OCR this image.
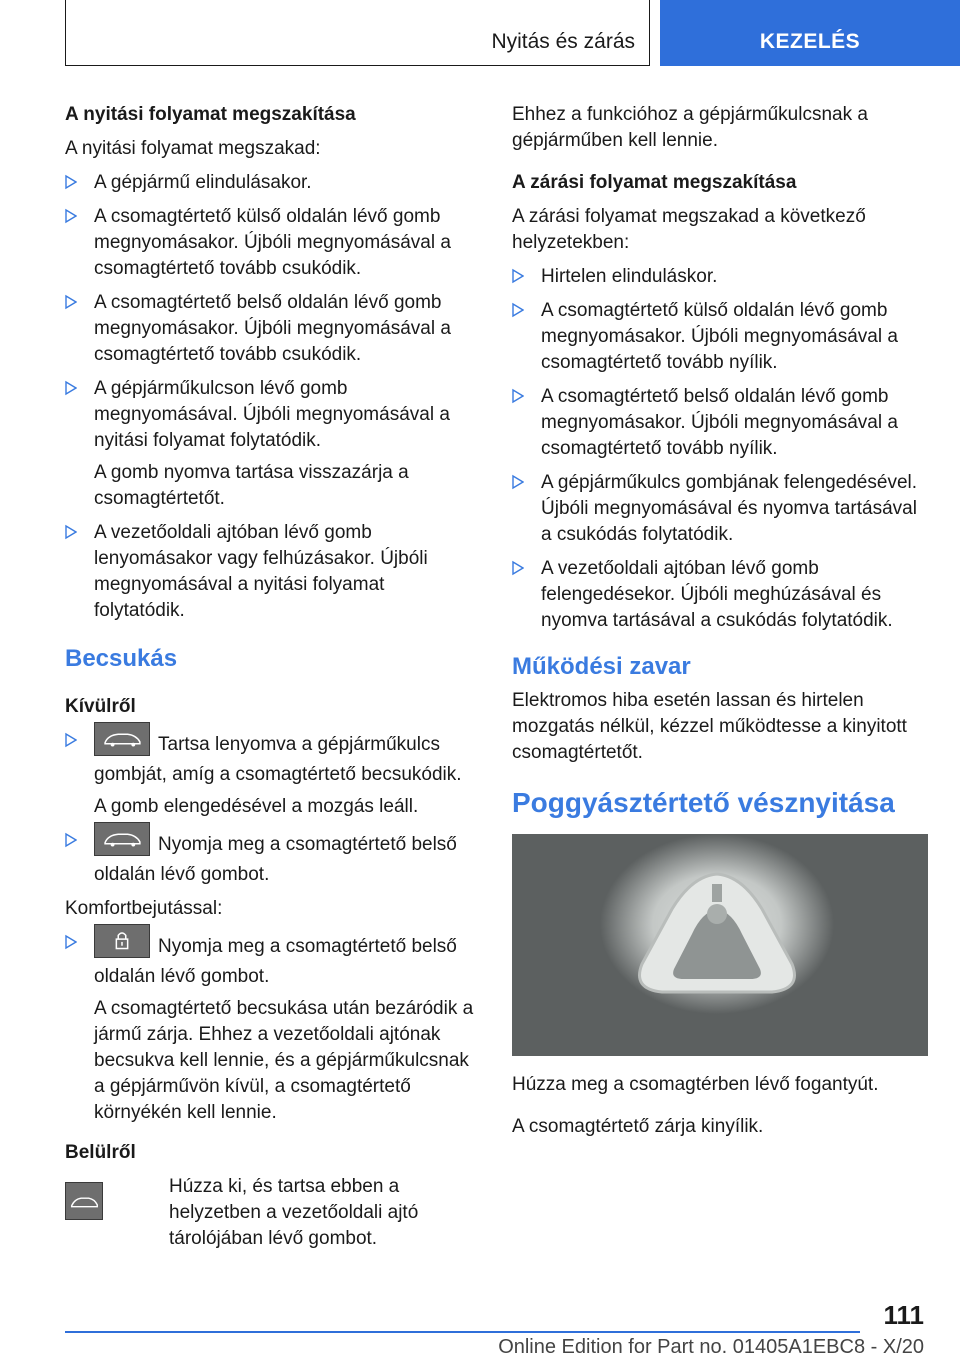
Nyitás és zárás	KEZELÉS
A nyitási folyamat megszakítása

A nyitási folyamat megszakad:

A gépjármű elindulásakor.

A csomagtértető külső oldalán lévő gomb megnyomásakor. Újbóli megnyomásával a csomagtértető tovább csukódik.

A csomagtértető belső oldalán lévő gomb megnyomásakor. Újbóli megnyomásával a csomagtértető tovább csukódik.

A gépjárműkulcson lévő gomb megnyomásával. Újbóli megnyomásával a nyitási folyamat folytatódik.

A gomb nyomva tartása visszazárja a csomagtértetőt.

A vezetőoldali ajtóban lévő gomb lenyomásakor vagy felhúzásakor. Újbóli megnyomásával a nyitási folyamat folytatódik.

Becsukás
Kívülről

Tartsa lenyomva a gépjárműkulcs gombját, amíg a csomagtértető becsukódik.

A gomb elengedésével a mozgás leáll.

Nyomja meg a csomagtértető belső oldalán lévő gombot.

Komfortbejutással:

Nyomja meg a csomagtértető belső oldalán lévő gombot.

A csomagtértető becsukása után bezáródik a jármű zárja. Ehhez a vezetőoldali ajtónak becsukva kell lennie, és a gépjárműkulcsnak a gépjárművön kívül, a csomagtértető környékén kell lennie.

Belülről

Húzza ki, és tartsa ebben a helyzetben a vezetőoldali ajtó tárolójában lévő gombot.

Ehhez a funkcióhoz a gépjárműkulcsnak a gépjárműben kell lennie.

A zárási folyamat megszakítása

A zárási folyamat megszakad a következő helyzetekben:

Hirtelen elinduláskor.

A csomagtértető külső oldalán lévő gomb megnyomásakor. Újbóli megnyomásával a csomagtértető tovább nyílik.

A csomagtértető belső oldalán lévő gomb megnyomásakor. Újbóli megnyomásával a csomagtértető tovább nyílik.

A gépjárműkulcs gombjának felengedésével. Újbóli megnyomásával és nyomva tartásával a csukódás folytatódik.

A vezetőoldali ajtóban lévő gomb felengedésekor. Újbóli meghúzásával és nyomva tartásával a csukódás folytatódik.

Működési zavar

Elektromos hiba esetén lassan és hirtelen mozgatás nélkül, kézzel működtesse a kinyitott csomagtértetőt.

Poggyásztértető vésznyitása

Húzza meg a csomagtérben lévő fogantyút.

A csomagtértető zárja kinyílik.

111
Online Edition for Part no. 01405A1EBC8 - X/20
